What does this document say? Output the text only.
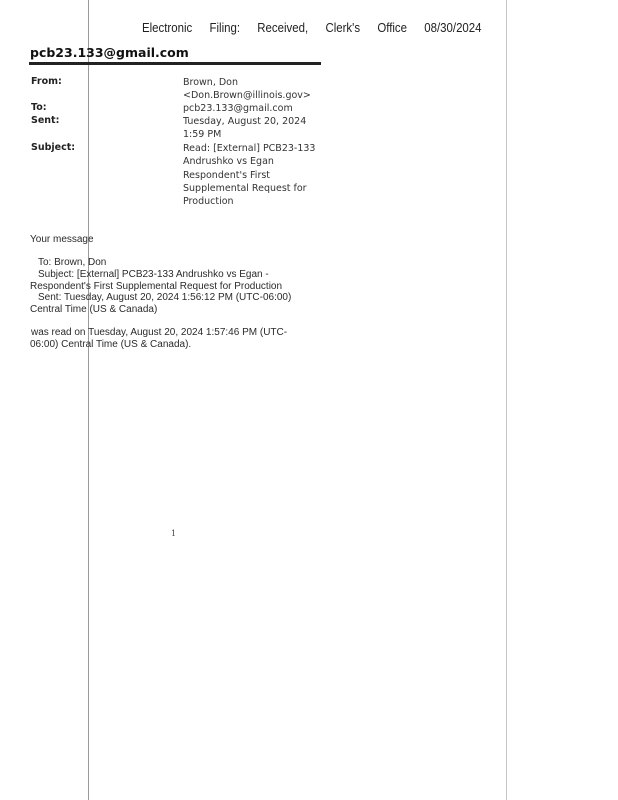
Electronic Filing: Received, Clerk's Office 08/30/2024
pcb23.133@gmail.com
From:	Brown, Don <Don.Brown@illinois.gov>
To:	pcb23.133@gmail.com
Sent:	Tuesday, August 20, 2024 1:59 PM
Subject:	Read: [External] PCB23-133 Andrushko vs Egan Respondent's First Supplemental Request for Production
Your message
To: Brown, Don
Subject: [External] PCB23-133 Andrushko vs Egan -
Respondent's First Supplemental Request for Production
Sent: Tuesday, August 20, 2024 1:56:12 PM (UTC-06:00)
Central Time (US & Canada)
was read on Tuesday, August 20, 2024 1:57:46 PM (UTC-
06:00) Central Time (US & Canada).
1
